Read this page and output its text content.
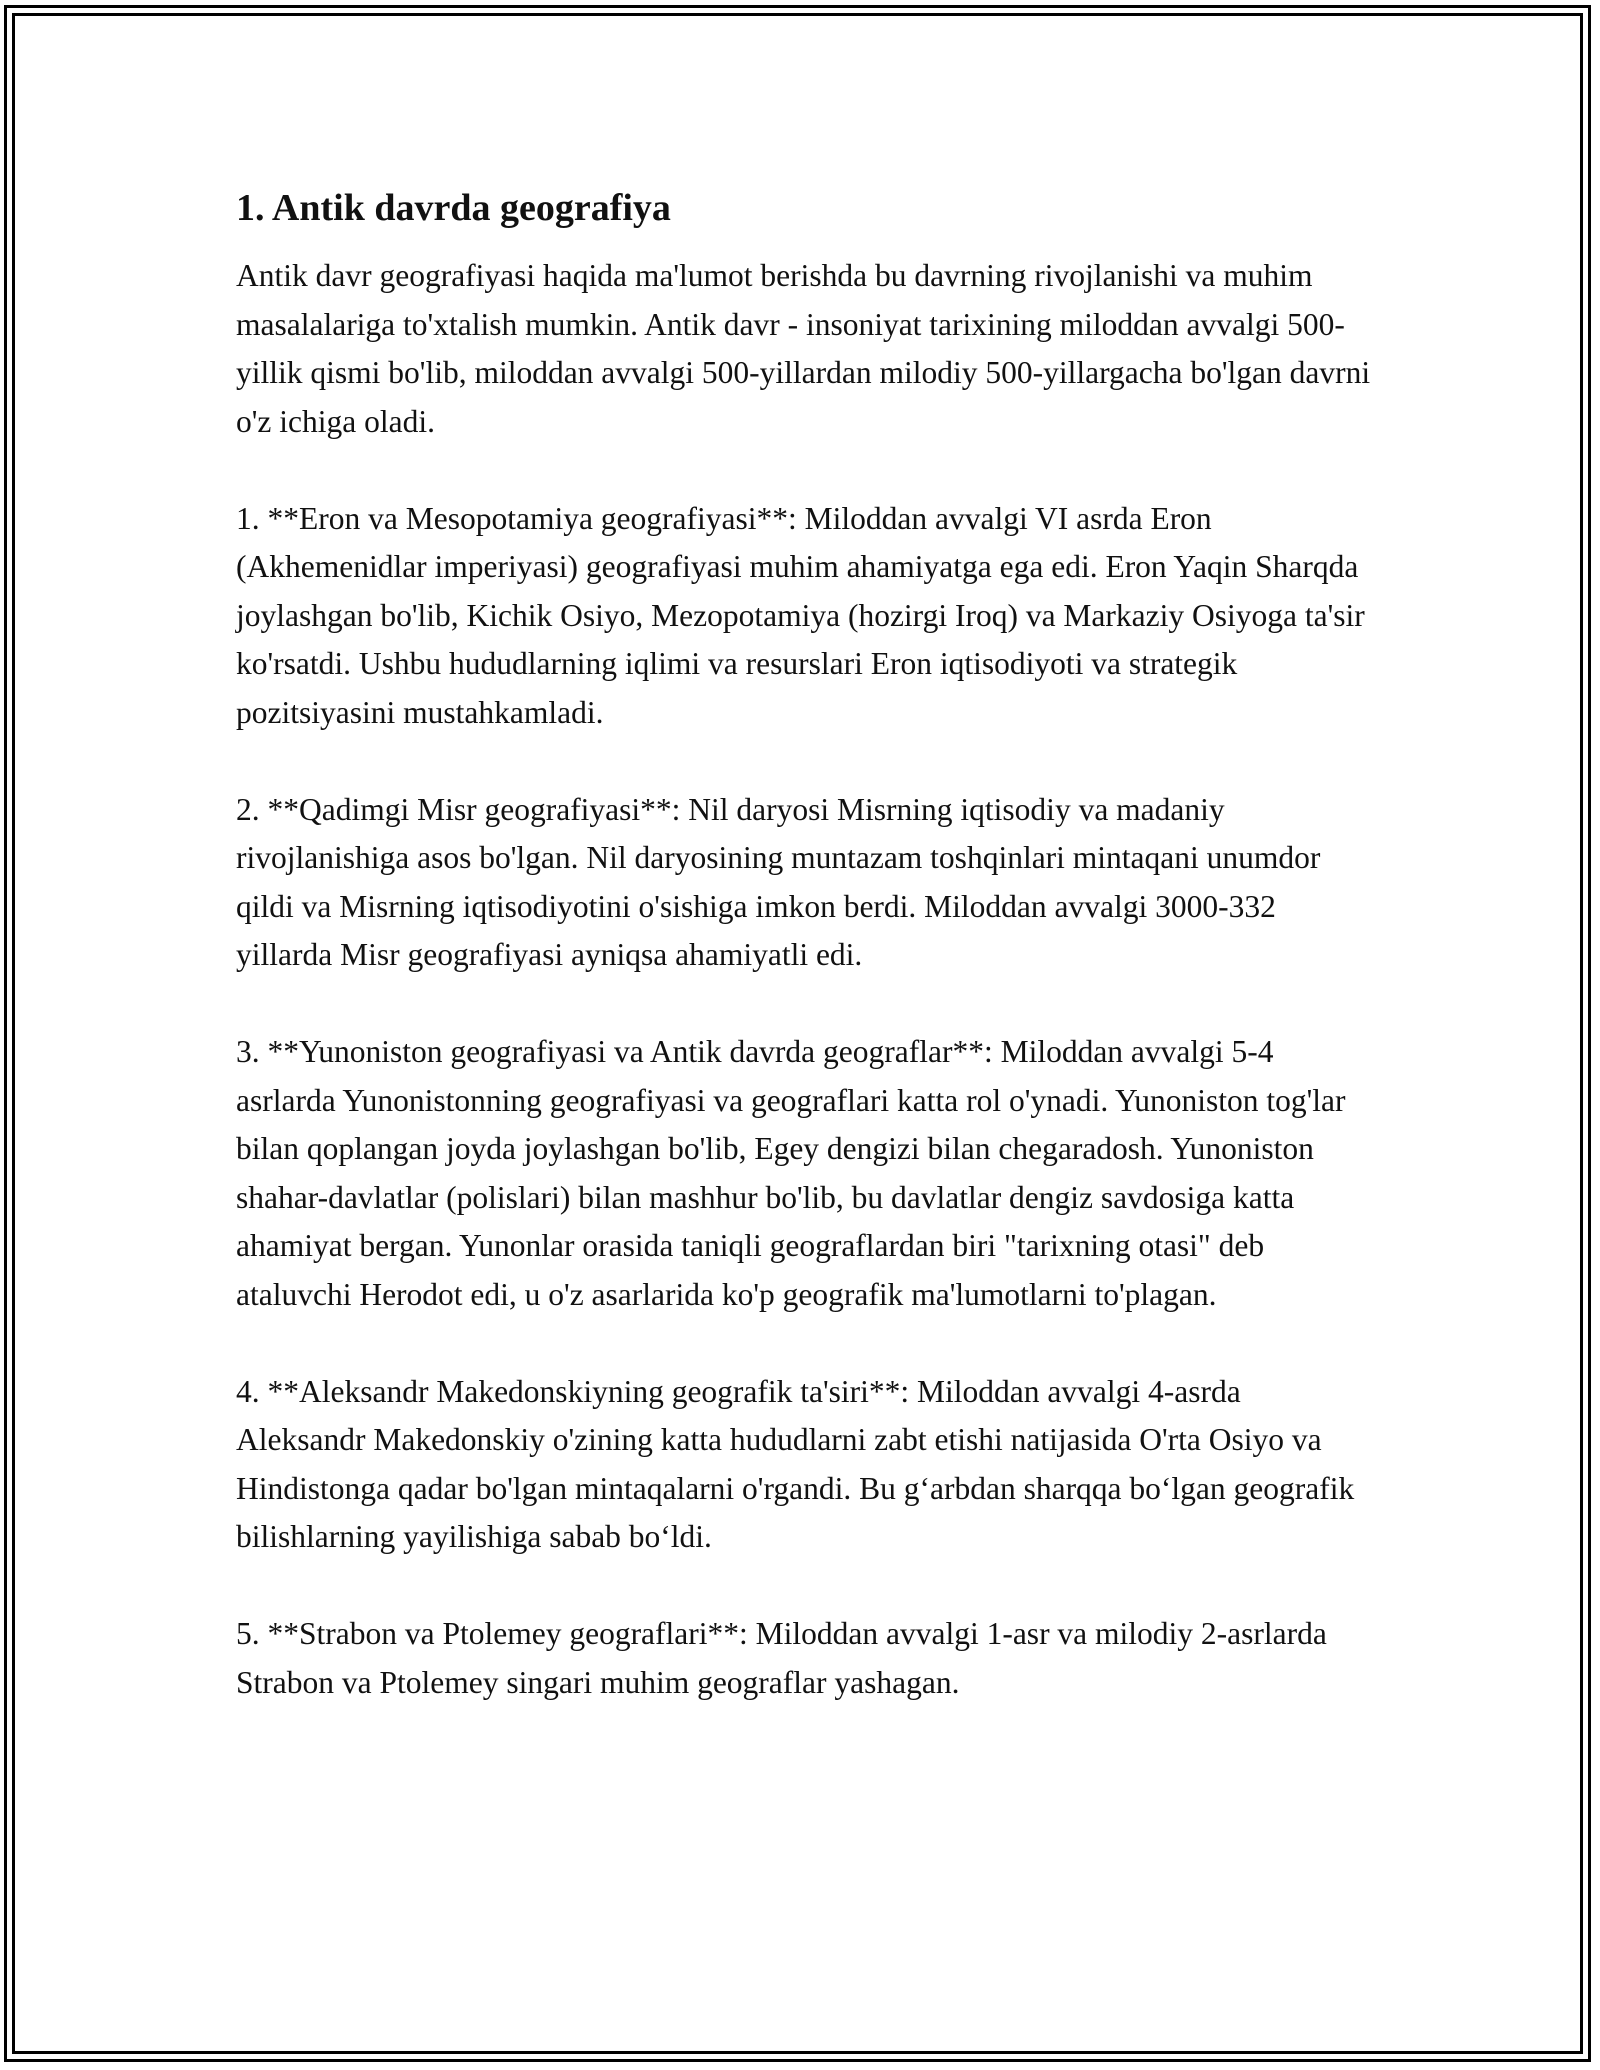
1. Antik davrda geografiya

Antik davr geografiyasi haqida ma'lumot berishda bu davrning rivojlanishi va muhim masalalariga to'xtalish mumkin. Antik davr - insoniyat tarixining miloddan avvalgi 500-yillik qismi bo'lib, miloddan avvalgi 500-yillardan milodiy 500-yillargacha bo'lgan davrni o'z ichiga oladi.

1. **Eron va Mesopotamiya geografiyasi**: Miloddan avvalgi VI asrda Eron (Akhemenidlar imperiyasi) geografiyasi muhim ahamiyatga ega edi. Eron Yaqin Sharqda joylashgan bo'lib, Kichik Osiyo, Mezopotamiya (hozirgi Iroq) va Markaziy Osiyoga ta'sir ko'rsatdi. Ushbu hududlarning iqlimi va resurslari Eron iqtisodiyoti va strategik pozitsiyasini mustahkamladi.

2. **Qadimgi Misr geografiyasi**: Nil daryosi Misrning iqtisodiy va madaniy rivojlanishiga asos bo'lgan. Nil daryosining muntazam toshqinlari mintaqani unumdor qildi va Misrning iqtisodiyotini o'sishiga imkon berdi. Miloddan avvalgi 3000-332 yillarda Misr geografiyasi ayniqsa ahamiyatli edi.

3. **Yunoniston geografiyasi va Antik davrda geograflar**: Miloddan avvalgi 5-4 asrlarda Yunonistonning geografiyasi va geograflari katta rol o'ynadi. Yunoniston tog'lar bilan qoplangan joyda joylashgan bo'lib, Egey dengizi bilan chegaradosh. Yunoniston shahar-davlatlar (polislari) bilan mashhur bo'lib, bu davlatlar dengiz savdosiga katta ahamiyat bergan. Yunonlar orasida taniqli geograflardan biri "tarixning otasi" deb ataluvchi Herodot edi, u o'z asarlarida ko'p geografik ma'lumotlarni to'plagan.

4. **Aleksandr Makedonskiyning geografik ta'siri**: Miloddan avvalgi 4-asrda Aleksandr Makedonskiy o'zining katta hududlarni zabt etishi natijasida O'rta Osiyo va Hindistonga qadar bo'lgan mintaqalarni o'rgandi. Bu g‘arbdan sharqqa bo‘lgan geografik bilishlarning yayilishiga sabab bo‘ldi.

5. **Strabon va Ptolemey geograflari**: Miloddan avvalgi 1-asr va milodiy 2-asrlarda Strabon va Ptolemey singari muhim geograflar yashagan.
